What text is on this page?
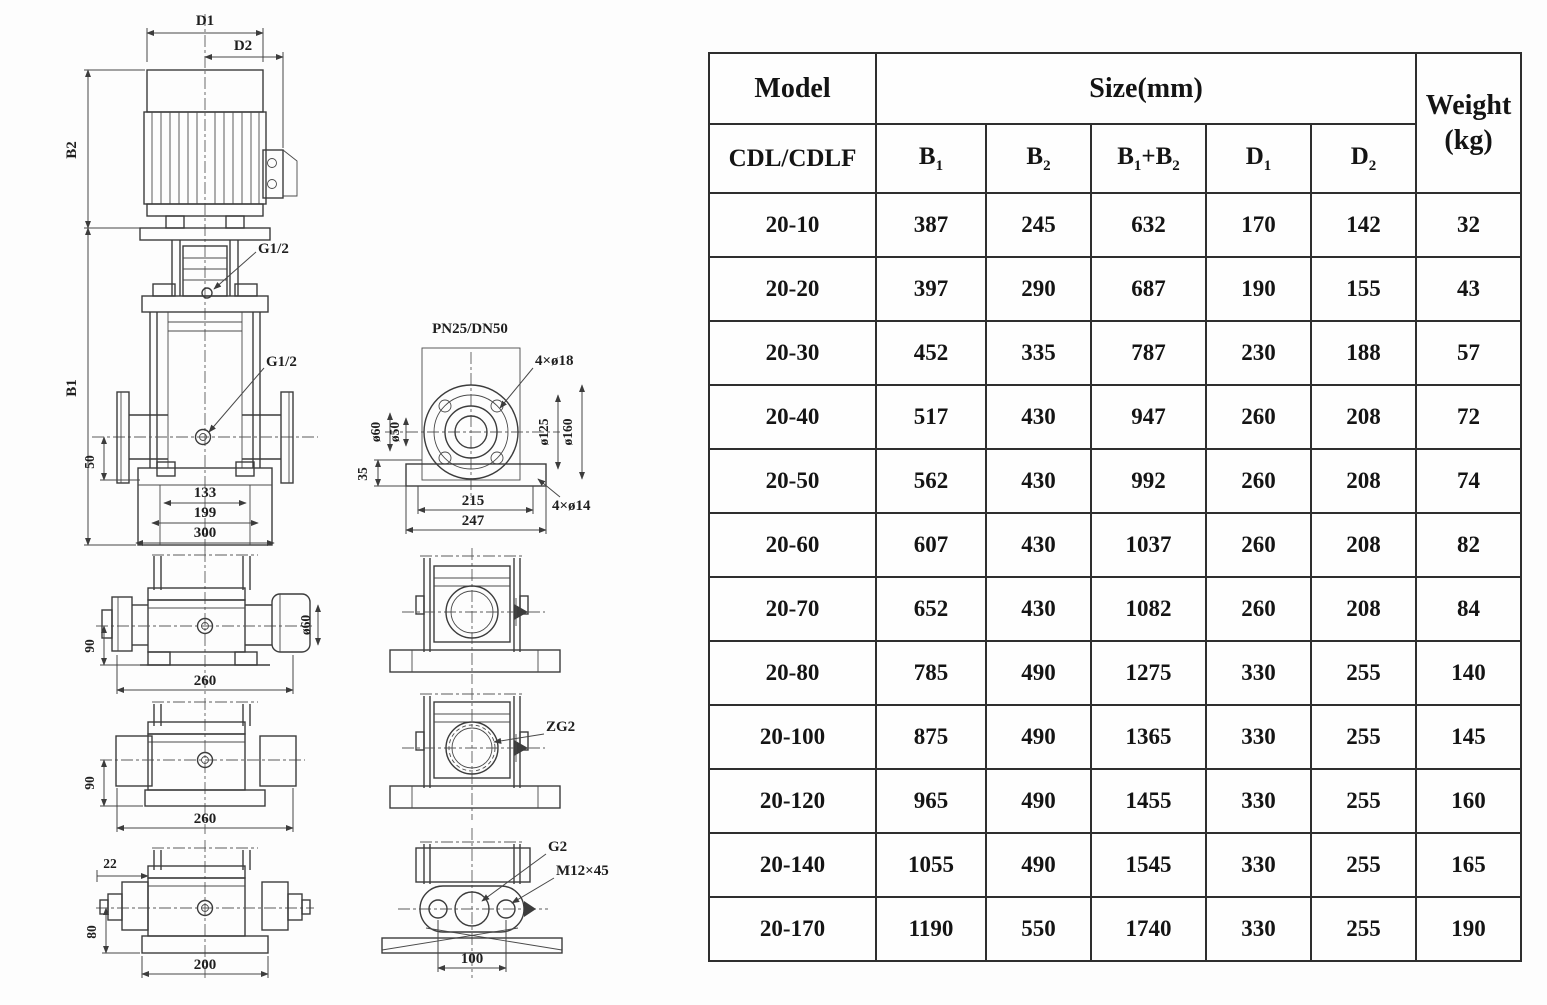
G1/2
G1/2
133
199
300
B2
B1
50
D1
D2
PN25/DN50
4×ø18
ø60 ø50	ø125 ø160
35
215
247
4×ø14
90
ø60
260
90
260
22
80
200
ZG2
G2
M12×45
100
Model	Size(mm)					Weight
(kg)

CDL/CDLF	$B_1$	$B_2$	$B_1+B_2$	$D_1$	$D_2$
20-10	387	245	632	170	142	32
20-20	397	290	687	190	155	43
20-30	452	335	787	230	188	57
20-40	517	430	947	260	208	72
20-50	562	430	992	260	208	74
20-60	607	430	1037	260	208	82
20-70	652	430	1082	260	208	84
20-80	785	490	1275	330	255	140
20-100	875	490	1365	330	255	145
20-120	965	490	1455	330	255	160
20-140	1055	490	1545	330	255	165
20-170	1190	550	1740	330	255	190
